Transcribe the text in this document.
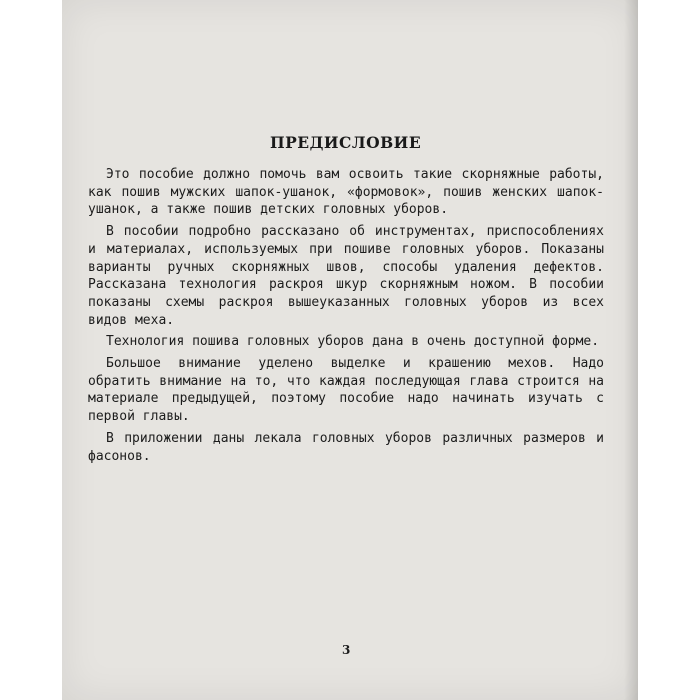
ПРЕДИСЛОВИЕ

Это пособие должно помочь вам освоить такие скорняжные работы, как пошив мужских шапок-ушанок, «формовок», пошив женских шапок-ушанок, а также пошив детских головных уборов.

В пособии подробно рассказано об инструментах, приспособлениях и материалах, используемых при пошиве головных уборов. Показаны варианты ручных скорняжных швов, способы удаления дефектов. Рассказана технология раскроя шкур скорняжным ножом. В пособии показаны схемы раскроя вышеуказанных головных уборов из всех видов меха.

Технология пошива головных уборов дана в очень доступной форме.

Большое внимание уделено выделке и крашению мехов. Надо обратить внимание на то, что каждая последующая глава строится на материале предыдущей, поэтому пособие надо начинать изучать с первой главы.

В приложении даны лекала головных уборов различных размеров и фасонов.

3
